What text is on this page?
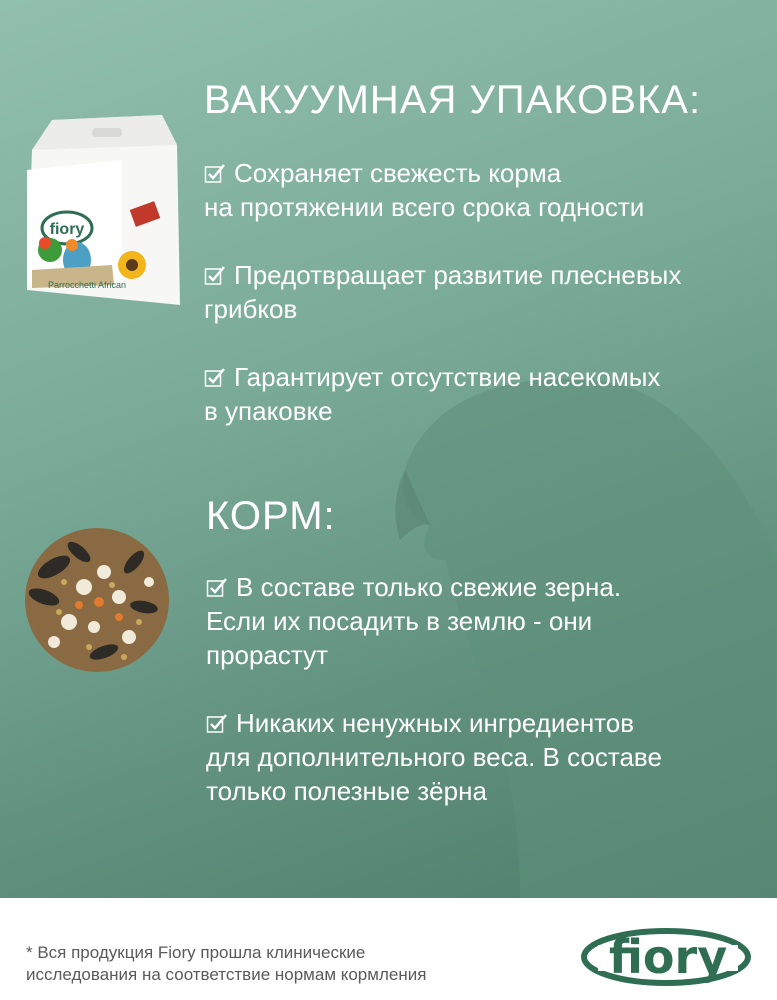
fiory
Parrocchetti African
ВАКУУМНАЯ УПАКОВКА:
Сохраняет свежесть корма
на протяжении всего срока годности
Предотвращает развитие плесневых
грибков
Гарантирует отсутствие насекомых
в упаковке
КОРМ:
В составе только свежие зерна.
Если их посадить в землю - они
прорастут
Никаких ненужных ингредиентов
для дополнительного веса. В составе
только полезные зёрна
* Вся продукция Fiory прошла клинические
исследования на соответствие нормам кормления	fiory
